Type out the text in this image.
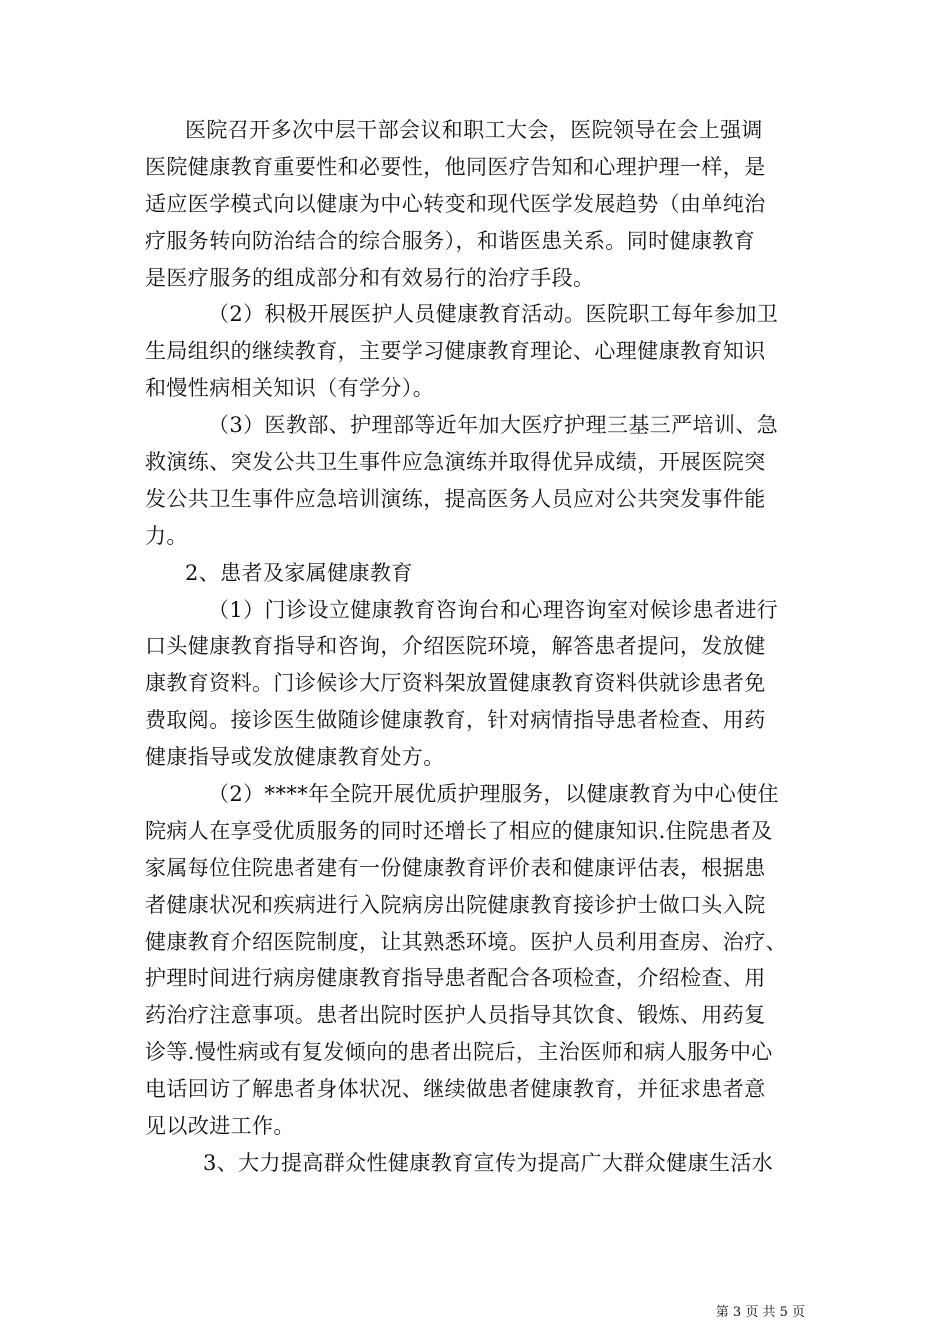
医院召开多次中层干部会议和职工大会，医院领导在会上强调
医院健康教育重要性和必要性，他同医疗告知和心理护理一样，是
适应医学模式向以健康为中心转变和现代医学发展趋势（由单纯治
疗服务转向防治结合的综合服务），和谐医患关系。同时健康教育
是医疗服务的组成部分和有效易行的治疗手段。
（2）积极开展医护人员健康教育活动。医院职工每年参加卫
生局组织的继续教育，主要学习健康教育理论、心理健康教育知识
和慢性病相关知识（有学分）。
（3）医教部、护理部等近年加大医疗护理三基三严培训、急
救演练、突发公共卫生事件应急演练并取得优异成绩，开展医院突
发公共卫生事件应急培训演练，提高医务人员应对公共突发事件能
力。
2、患者及家属健康教育
（1）门诊设立健康教育咨询台和心理咨询室对候诊患者进行
口头健康教育指导和咨询，介绍医院环境，解答患者提问，发放健
康教育资料。门诊候诊大厅资料架放置健康教育资料供就诊患者免
费取阅。接诊医生做随诊健康教育，针对病情指导患者检查、用药
健康指导或发放健康教育处方。
（2）****年全院开展优质护理服务，以健康教育为中心使住
院病人在享受优质服务的同时还增长了相应的健康知识.住院患者及
家属每位住院患者建有一份健康教育评价表和健康评估表，根据患
者健康状况和疾病进行入院病房出院健康教育接诊护士做口头入院
健康教育介绍医院制度，让其熟悉环境。医护人员利用查房、治疗、
护理时间进行病房健康教育指导患者配合各项检查，介绍检查、用
药治疗注意事项。患者出院时医护人员指导其饮食、锻炼、用药复
诊等.慢性病或有复发倾向的患者出院后，主治医师和病人服务中心
电话回访了解患者身体状况、继续做患者健康教育，并征求患者意
见以改进工作。
3、大力提高群众性健康教育宣传为提高广大群众健康生活水
第 3 页 共 5 页
